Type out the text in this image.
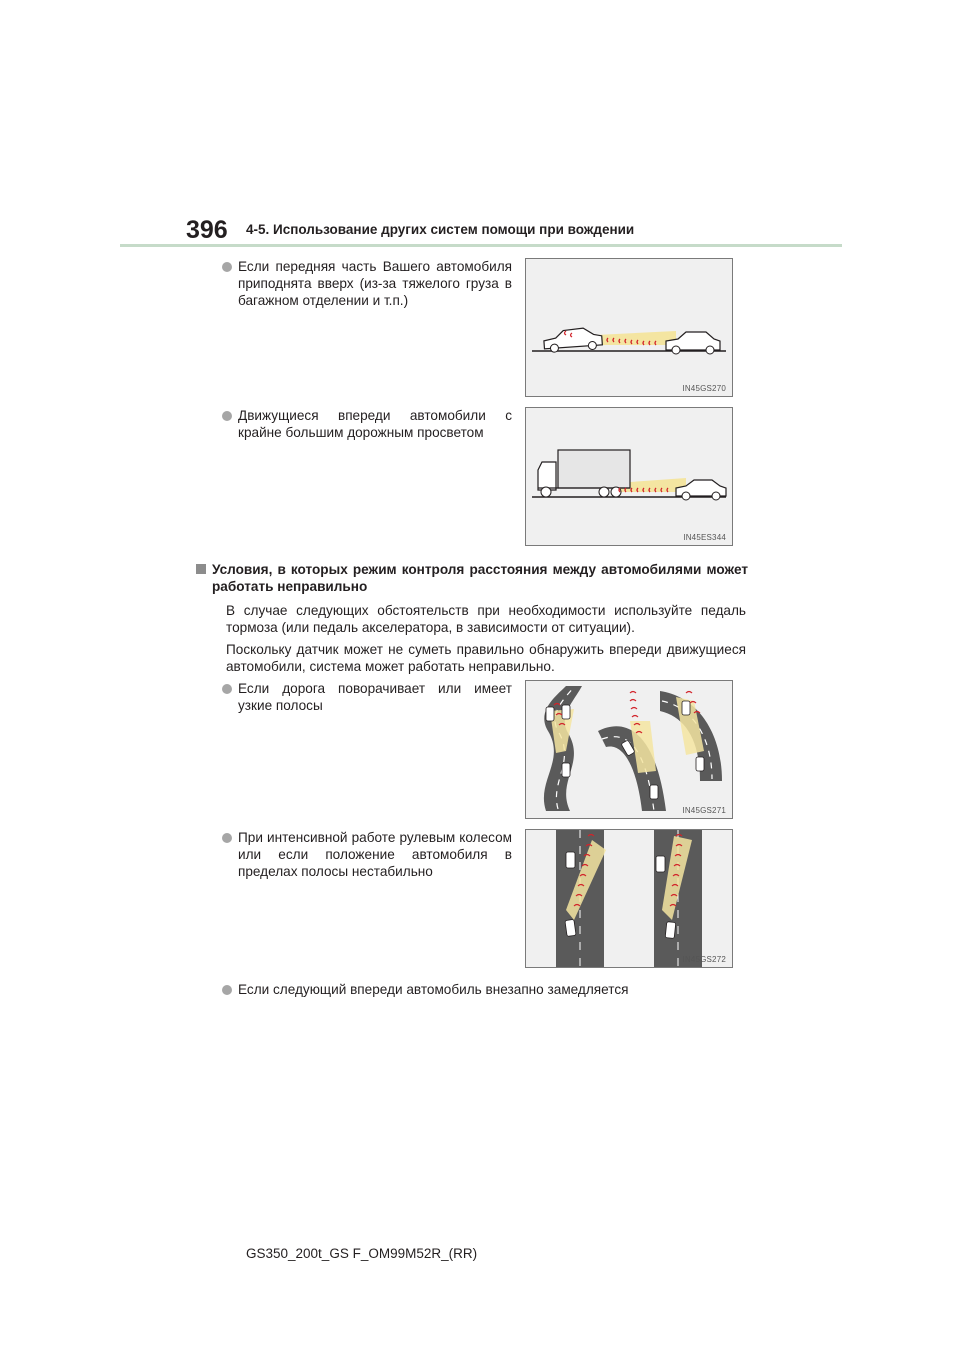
396 4-5. Использование других систем помощи при вождении
Если передняя часть Вашего автомобиля приподнята вверх (из-за тяжелого груза в багажном отделении и т.п.)
IN45GS270
Движущиеся впереди автомобили с крайне большим дорожным просветом
IN45ES344
Условия, в которых режим контроля расстояния между автомобилями может работать неправильно
В случае следующих обстоятельств при необходимости используйте педаль тормоза (или педаль акселератора, в зависимости от ситуации).
Поскольку датчик может не суметь правильно обнаружить впереди движущиеся автомобили, система может работать неправильно.
Если дорога поворачивает или имеет узкие полосы
IN45GS271
При интенсивной работе рулевым колесом или если положение автомобиля в пределах полосы нестабильно
IN45GS272
Если следующий впереди автомобиль внезапно замедляется
GS350_200t_GS F_OM99M52R_(RR)
